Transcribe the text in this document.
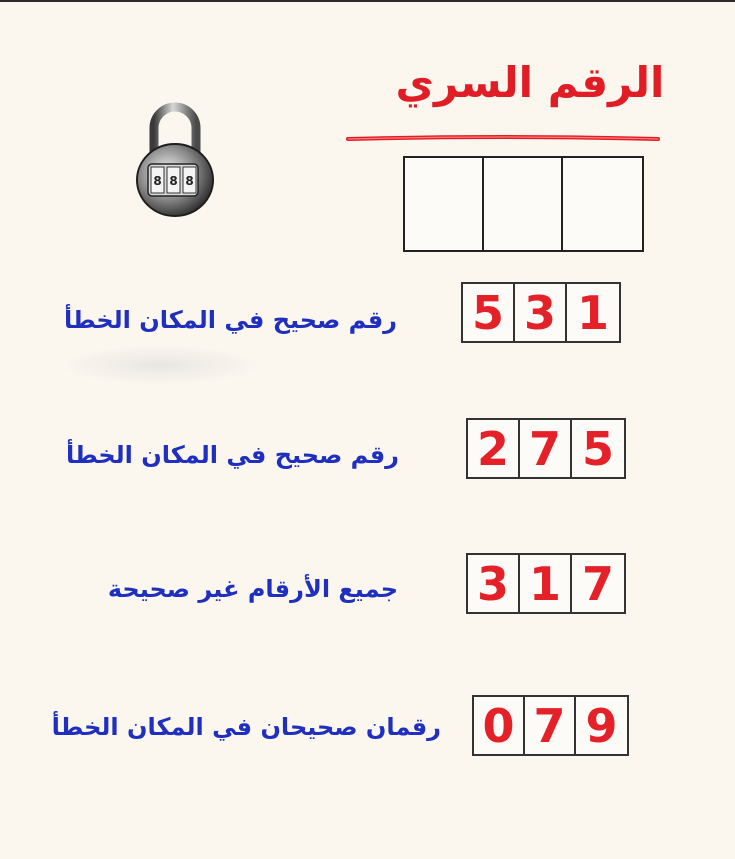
8 8 8
الرقم السري
5 3 1
رقم صحيح في المكان الخطأ
2 7 5
رقم صحيح في المكان الخطأ
3 1 7
جميع الأرقام غير صحيحة
0 7 9
رقمان صحيحان في المكان الخطأ
